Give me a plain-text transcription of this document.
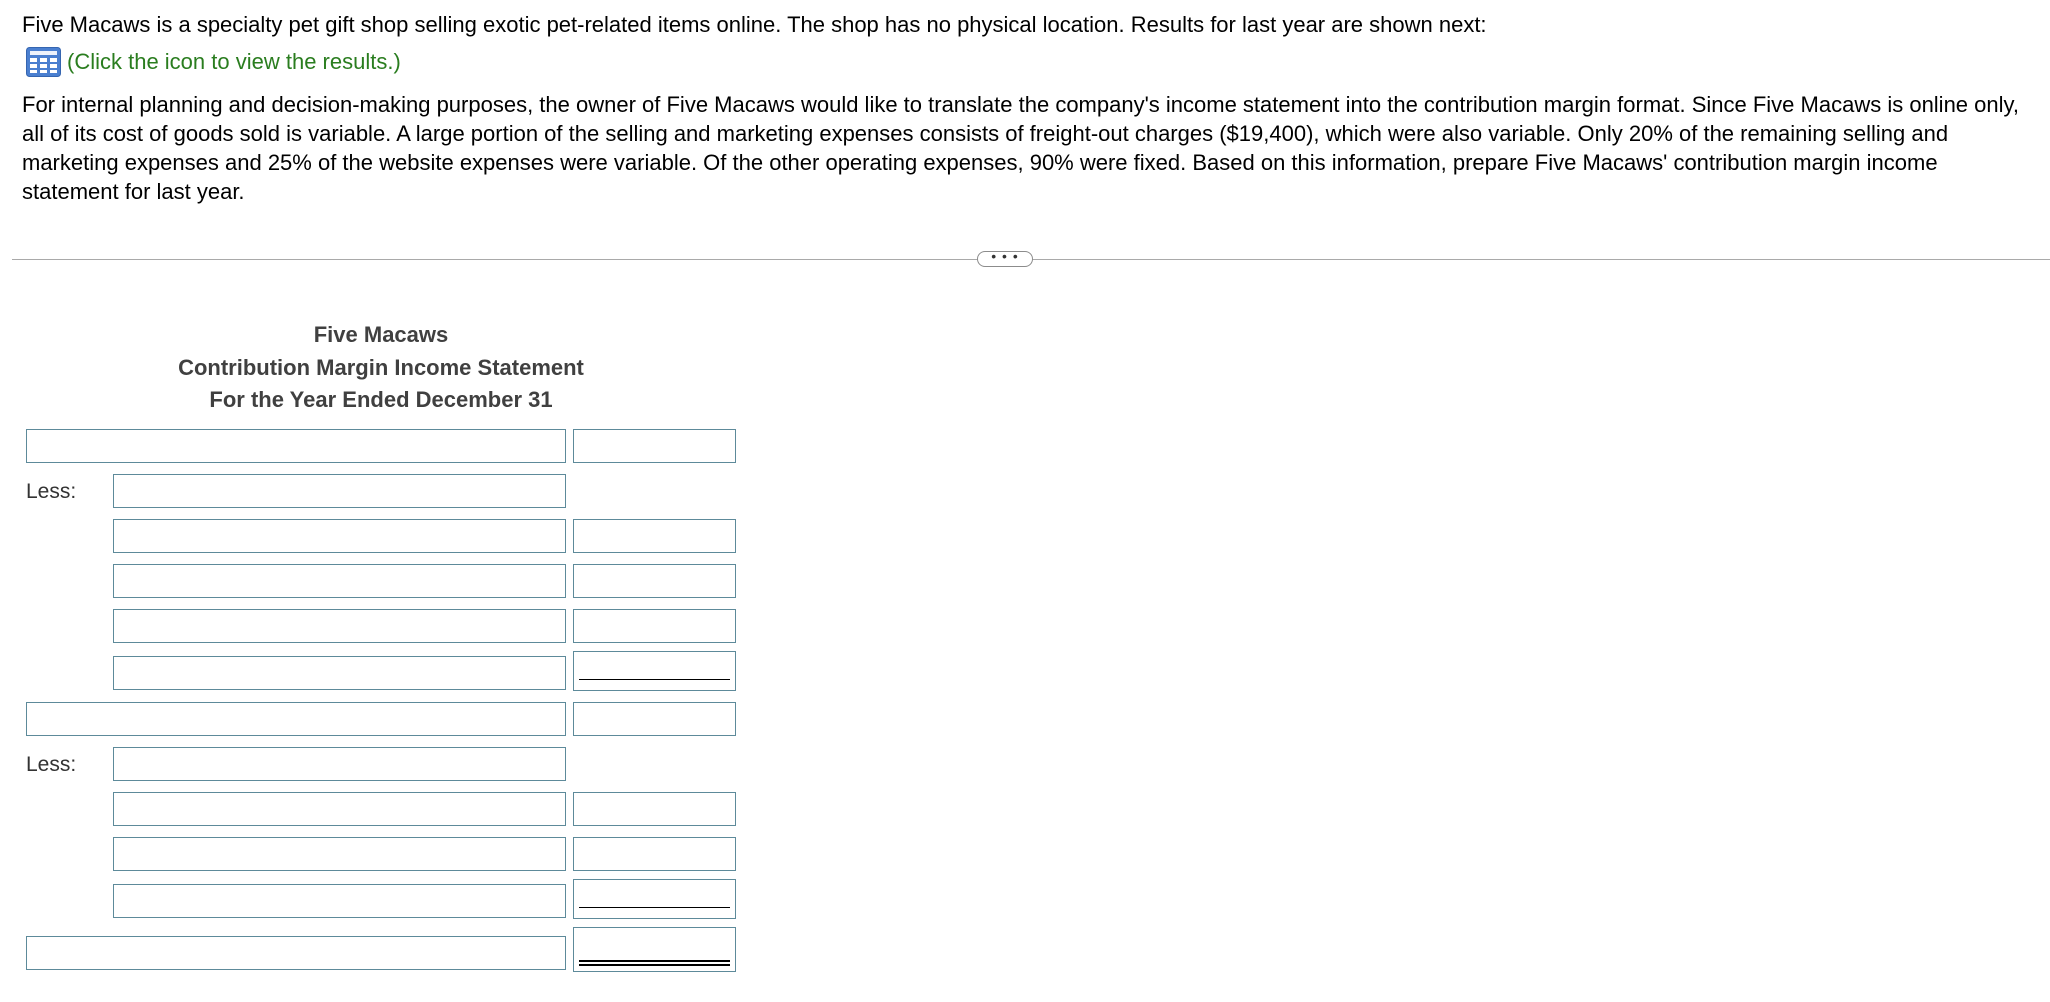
Five Macaws is a specialty pet gift shop selling exotic pet-related items online. The shop has no physical location. Results for last year are shown next:
(Click the icon to view the results.)
For internal planning and decision-making purposes, the owner of Five Macaws would like to translate the company's income statement into the contribution margin format. Since Five Macaws is online only, all of its cost of goods sold is variable. A large portion of the selling and marketing expenses consists of freight-out charges ($19,400), which were also variable. Only 20% of the remaining selling and marketing expenses and 25% of the website expenses were variable. Of the other operating expenses, 90% were fixed. Based on this information, prepare Five Macaws' contribution margin income statement for last year.
• • •
Five Macaws
Contribution Margin Income Statement
For the Year Ended December 31
Less:
Less:
